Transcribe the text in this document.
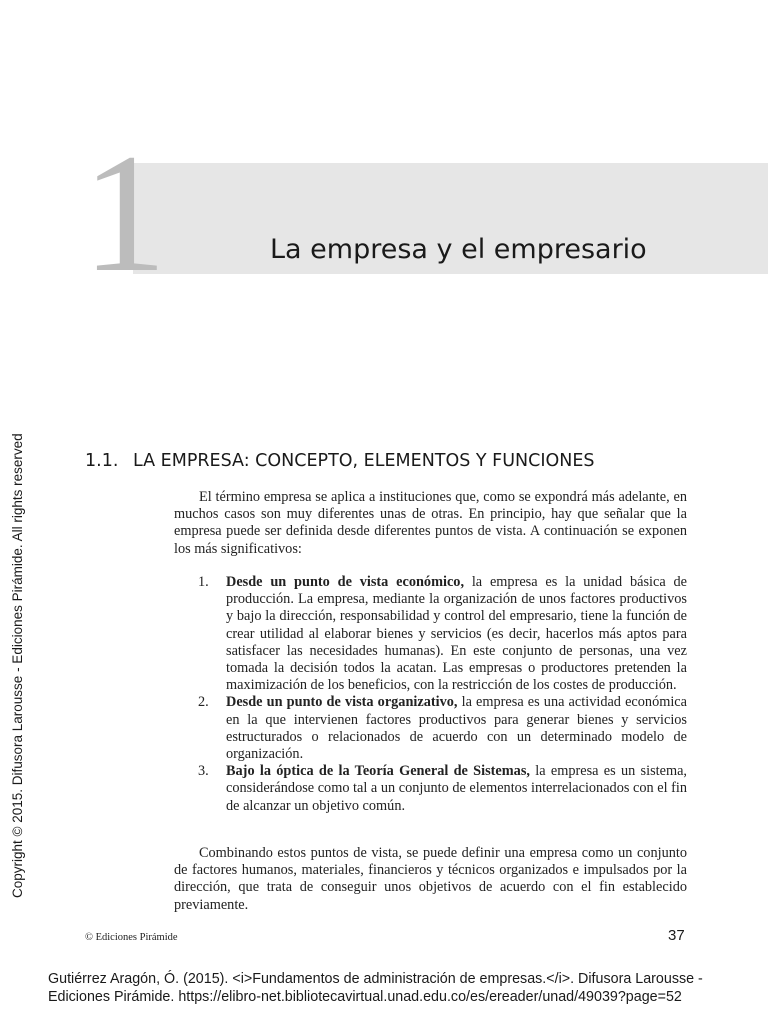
1	La empresa y el empresario
Copyright © 2015. Difusora Larousse - Ediciones Pirámide. All rights reserved	1.1. LA EMPRESA: CONCEPTO, ELEMENTOS Y FUNCIONES

El término empresa se aplica a instituciones que, como se expondrá más adelante, en muchos casos son muy diferentes unas de otras. En principio, hay que señalar que la empresa puede ser definida desde diferentes puntos de vista. A continuación se exponen los más significativos:

1. Desde un punto de vista económico, la empresa es la unidad básica de producción. La empresa, mediante la organización de unos factores productivos y bajo la dirección, responsabilidad y control del empresario, tiene la función de crear utilidad al elaborar bienes y servicios (es decir, hacerlos más aptos para satisfacer las necesidades humanas). En este conjunto de personas, una vez tomada la decisión todos la acatan. Las empresas o productores pretenden la maximización de los beneficios, con la restricción de los costes de producción.
2. Desde un punto de vista organizativo, la empresa es una actividad económica en la que intervienen factores productivos para generar bienes y servicios estructurados o relacionados de acuerdo con un determinado modelo de organización.
3. Bajo la óptica de la Teoría General de Sistemas, la empresa es un sistema, considerándose como tal a un conjunto de elementos interrelacionados con el fin de alcanzar un objetivo común.

Combinando estos puntos de vista, se puede definir una empresa como un conjunto de factores humanos, materiales, financieros y técnicos organizados e impulsados por la dirección, que trata de conseguir unos objetivos de acuerdo con el fin establecido previamente.

© Ediciones Pirámide	37
Gutiérrez Aragón, Ó. (2015). <i>Fundamentos de administración de empresas.</i>. Difusora Larousse - Ediciones Pirámide. https://elibro-net.bibliotecavirtual.unad.edu.co/es/ereader/unad/49039?page=52
